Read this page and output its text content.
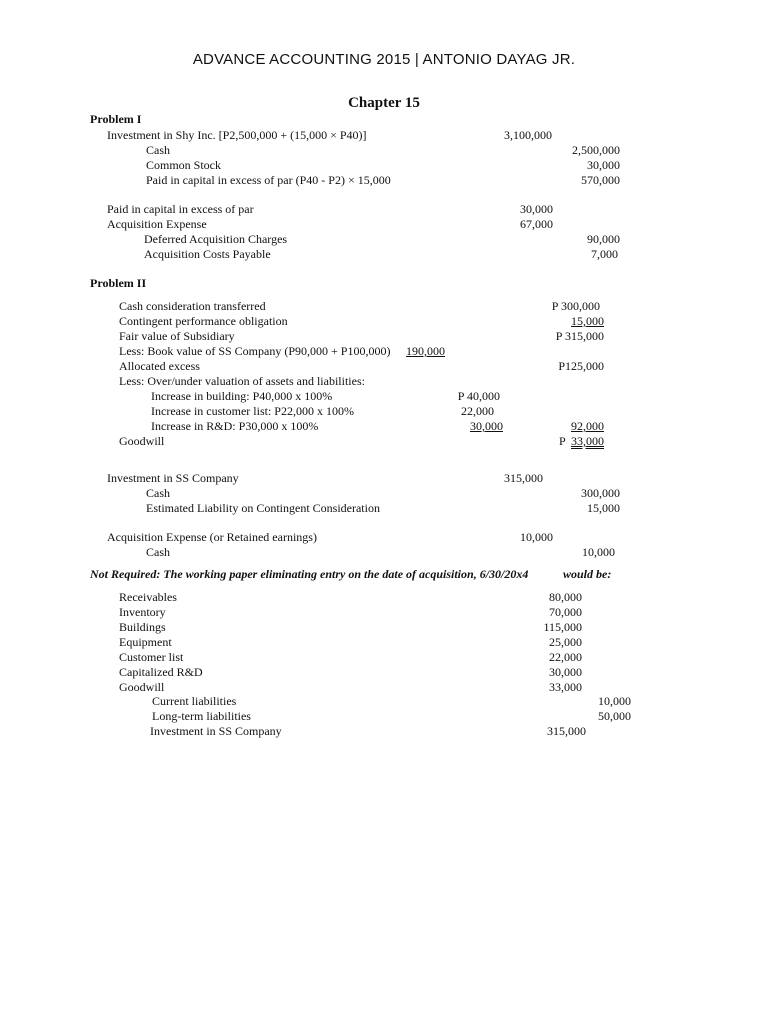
ADVANCE ACCOUNTING 2015 | ANTONIO DAYAG JR.
Chapter 15
Problem I
Investment in Shy Inc. [P2,500,000 + (15,000 × P40)]	3,100,000
Cash	2,500,000
Common Stock	30,000
Paid in capital in excess of par (P40 - P2) × 15,000	570,000
Paid in capital in excess of par	30,000
Acquisition Expense	67,000
Deferred Acquisition Charges	90,000
Acquisition Costs Payable	7,000
Problem II
Cash consideration transferred	P 300,000
Contingent performance obligation	15,000
Fair value of Subsidiary	P 315,000
Less: Book value of SS Company (P90,000 + P100,000) 190,000
Allocated excess	P125,000
Less: Over/under valuation of assets and liabilities:
Increase in building: P40,000 x 100%	P 40,000
Increase in customer list: P22,000 x 100%	22,000
Increase in R&D: P30,000 x 100%	30,000	92,000
Goodwill	P 33,000
Investment in SS Company	315,000
Cash	300,000
Estimated Liability on Contingent Consideration	15,000
Acquisition Expense (or Retained earnings)	10,000
Cash	10,000
Not Required: The working paper eliminating entry on the date of acquisition, 6/30/20x4	would be:
Receivables	80,000
Inventory	70,000
Buildings	115,000
Equipment	25,000
Customer list	22,000
Capitalized R&D	30,000
Goodwill	33,000
Current liabilities	10,000
Long-term liabilities	50,000
Investment in SS Company	315,000
